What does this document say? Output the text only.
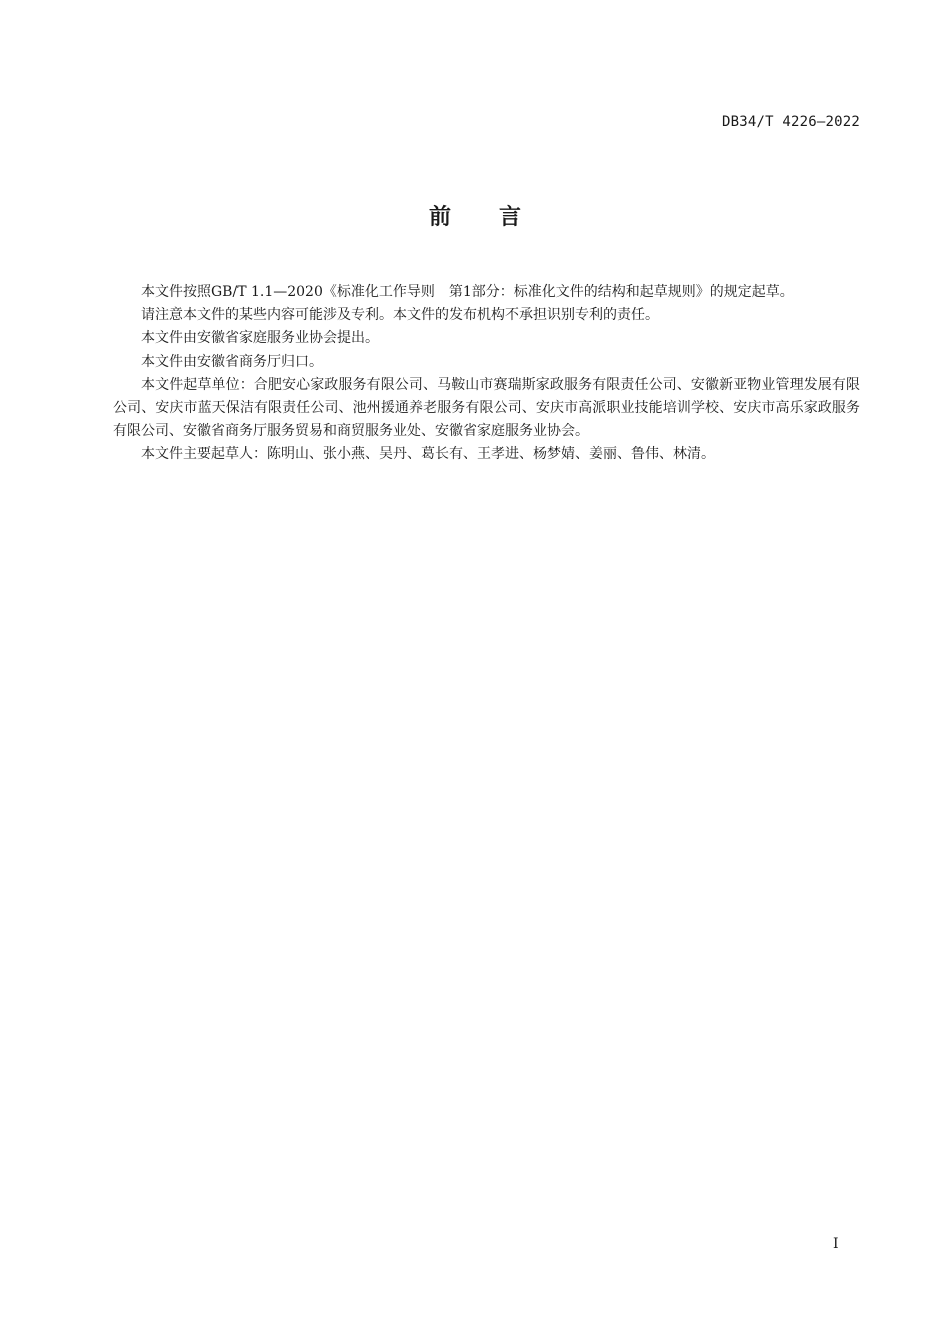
DB34/T 4226—2022
前 言

本文件按照GB/T 1.1—2020《标准化工作导则　第1部分：标准化文件的结构和起草规则》的规定起草。

请注意本文件的某些内容可能涉及专利。本文件的发布机构不承担识别专利的责任。

本文件由安徽省家庭服务业协会提出。

本文件由安徽省商务厅归口。

本文件起草单位：合肥安心家政服务有限公司、马鞍山市赛瑞斯家政服务有限责任公司、安徽新亚物业管理发展有限公司、安庆市蓝天保洁有限责任公司、池州援通养老服务有限公司、安庆市高派职业技能培训学校、安庆市高乐家政服务有限公司、安徽省商务厅服务贸易和商贸服务业处、安徽省家庭服务业协会。

本文件主要起草人：陈明山、张小燕、吴丹、葛长有、王孝进、杨梦婧、姜丽、鲁伟、林清。

I
